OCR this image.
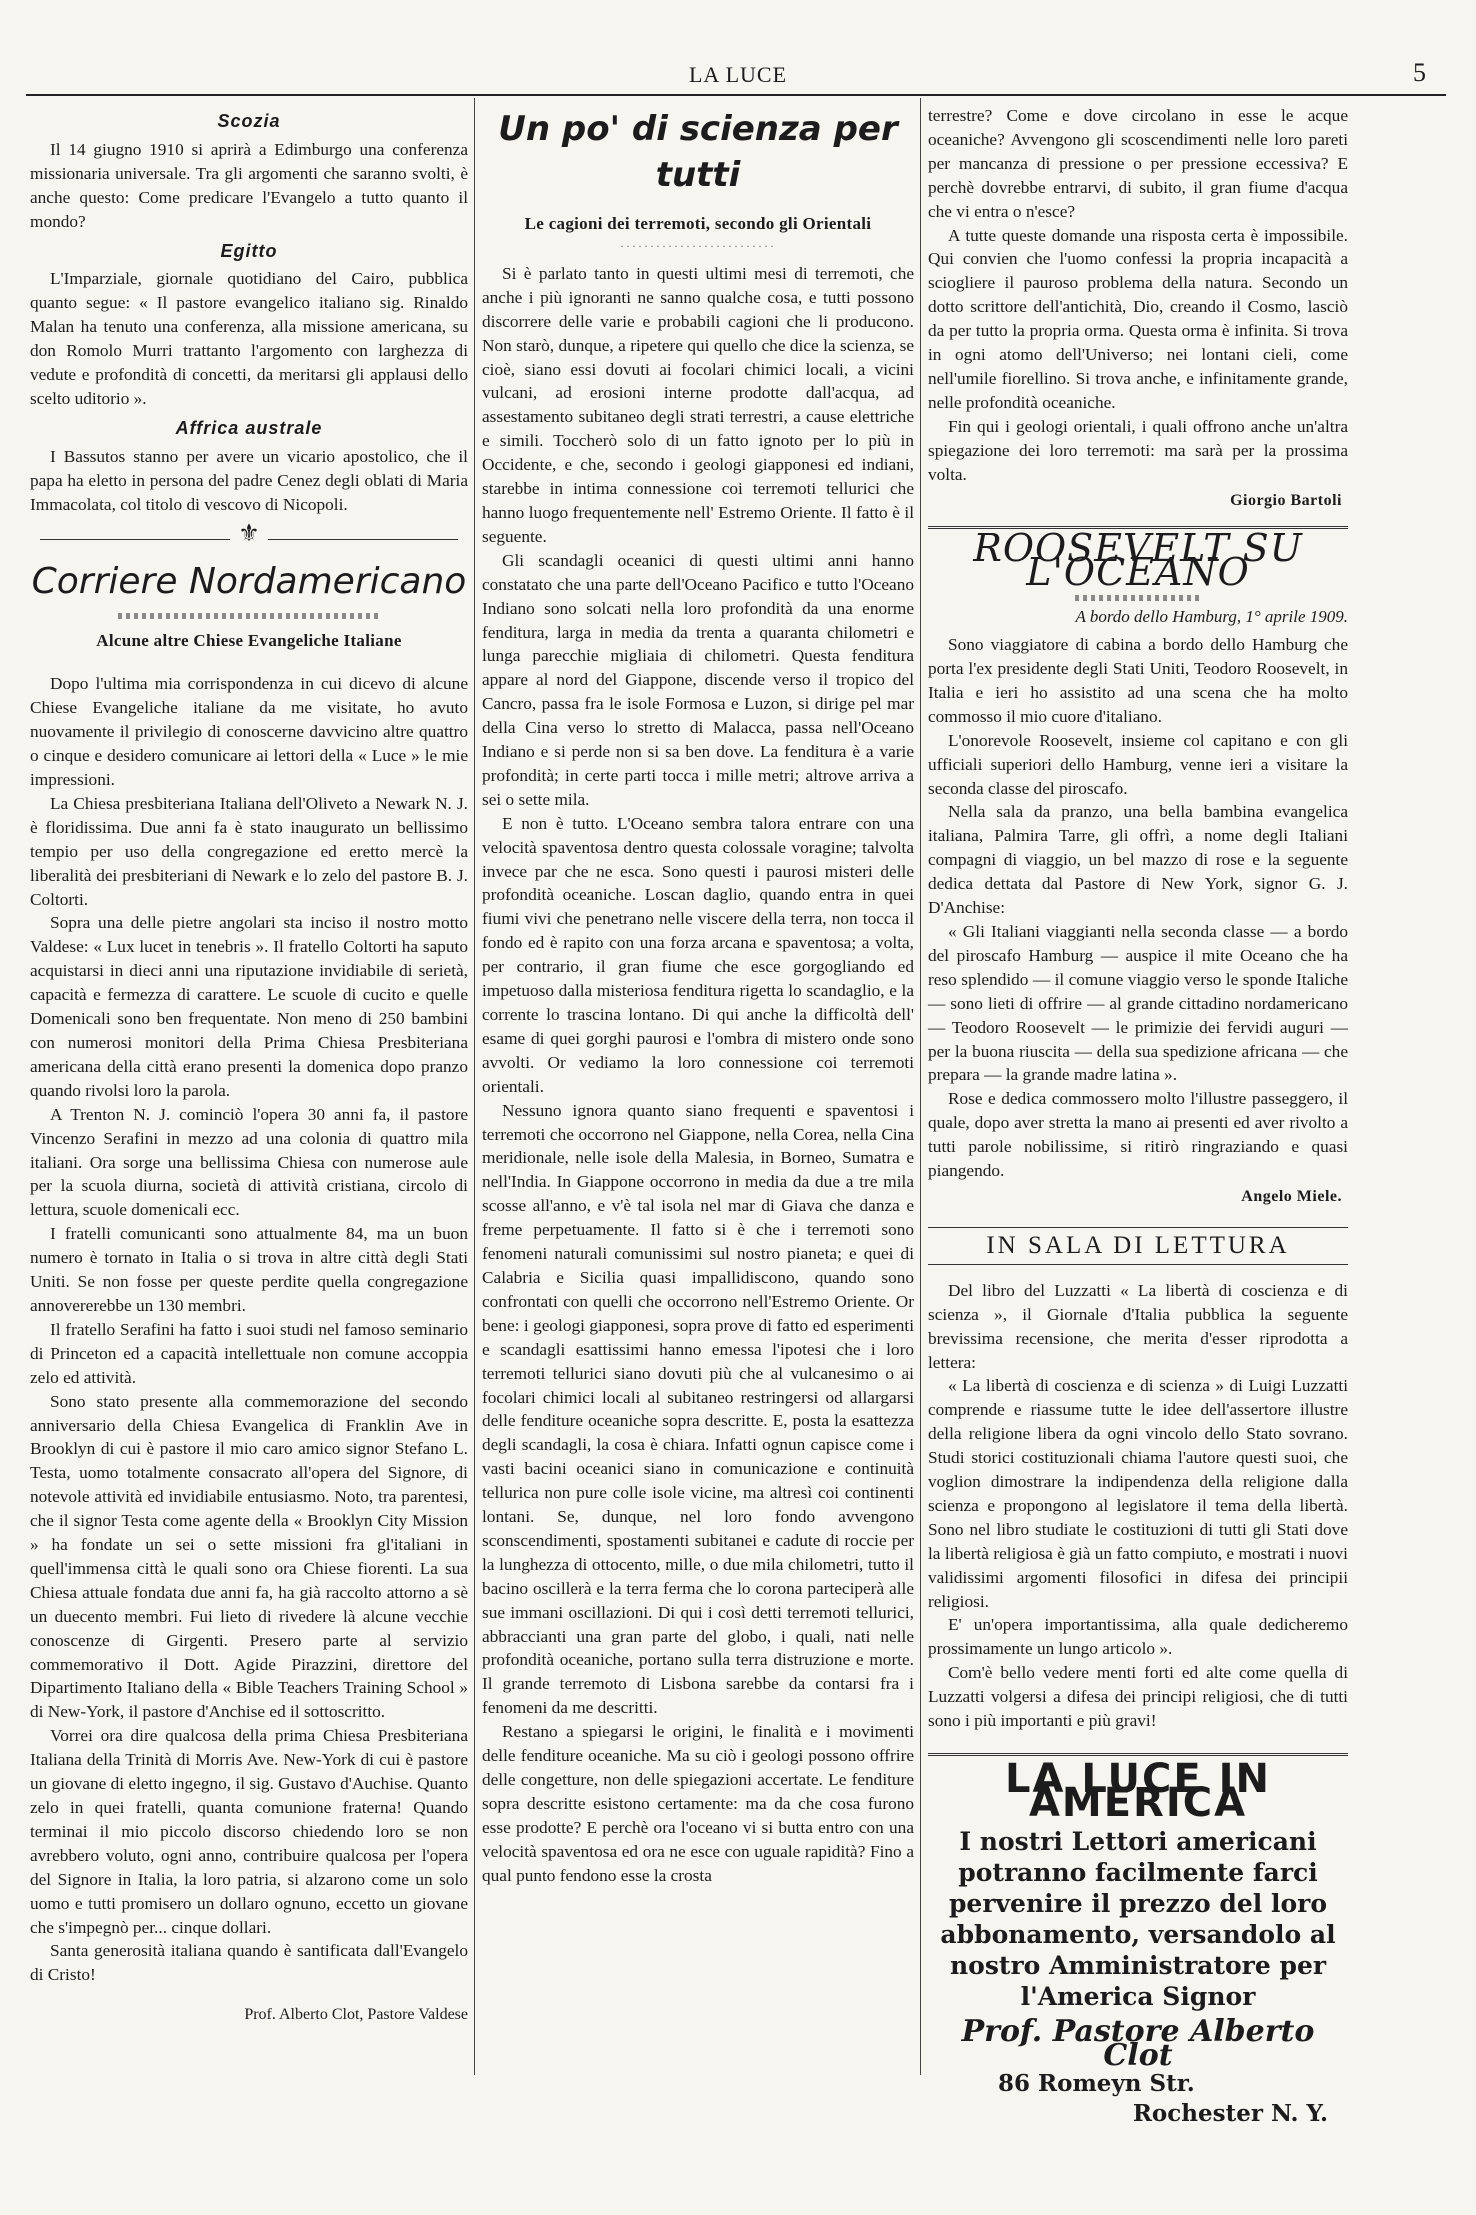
LA LUCE	5
Scozia

Il 14 giugno 1910 si aprirà a Edimburgo una conferenza missionaria universale. Tra gli argomenti che saranno svolti, è anche questo: Come predicare l'Evangelo a tutto quanto il mondo?

Egitto

L'Imparziale, giornale quotidiano del Cairo, pubblica quanto segue: « Il pastore evangelico italiano sig. Rinaldo Malan ha tenuto una conferenza, alla missione americana, su don Romolo Murri trattanto l'argomento con larghezza di vedute e profondità di concetti, da meritarsi gli applausi dello scelto uditorio ».

Affrica australe

I Bassutos stanno per avere un vicario apostolico, che il papa ha eletto in persona del padre Cenez degli oblati di Maria Immacolata, col titolo di vescovo di Nicopoli.

⚜
Corriere Nordamericano
Alcune altre Chiese Evangeliche Italiane

Dopo l'ultima mia corrispondenza in cui dicevo di alcune Chiese Evangeliche italiane da me visitate, ho avuto nuovamente il privilegio di conoscerne davvicino altre quattro o cinque e desidero comunicare ai lettori della « Luce » le mie impressioni.

La Chiesa presbiteriana Italiana dell'Oliveto a Newark N. J. è floridissima. Due anni fa è stato inaugurato un bellissimo tempio per uso della congregazione ed eretto mercè la liberalità dei presbiteriani di Newark e lo zelo del pastore B. J. Coltorti.

Sopra una delle pietre angolari sta inciso il nostro motto Valdese: « Lux lucet in tenebris ». Il fratello Coltorti ha saputo acquistarsi in dieci anni una riputazione invidiabile di serietà, capacità e fermezza di carattere. Le scuole di cucito e quelle Domenicali sono ben frequentate. Non meno di 250 bambini con numerosi monitori della Prima Chiesa Presbiteriana americana della città erano presenti la domenica dopo pranzo quando rivolsi loro la parola.

A Trenton N. J. cominciò l'opera 30 anni fa, il pastore Vincenzo Serafini in mezzo ad una colonia di quattro mila italiani. Ora sorge una bellissima Chiesa con numerose aule per la scuola diurna, società di attività cristiana, circolo di lettura, scuole domenicali ecc.

I fratelli comunicanti sono attualmente 84, ma un buon numero è tornato in Italia o si trova in altre città degli Stati Uniti. Se non fosse per queste perdite quella congregazione annovererebbe un 130 membri.

Il fratello Serafini ha fatto i suoi studi nel famoso seminario di Princeton ed a capacità intellettuale non comune accoppia zelo ed attività.

Sono stato presente alla commemorazione del secondo anniversario della Chiesa Evangelica di Franklin Ave in Brooklyn di cui è pastore il mio caro amico signor Stefano L. Testa, uomo totalmente consacrato all'opera del Signore, di notevole attività ed invidiabile entusiasmo. Noto, tra parentesi, che il signor Testa come agente della « Brooklyn City Mission » ha fondate un sei o sette missioni fra gl'italiani in quell'immensa città le quali sono ora Chiese fiorenti. La sua Chiesa attuale fondata due anni fa, ha già raccolto attorno a sè un duecento membri. Fui lieto di rivedere là alcune vecchie conoscenze di Girgenti. Presero parte al servizio commemorativo il Dott. Agide Pirazzini, direttore del Dipartimento Italiano della « Bible Teachers Training School » di New-York, il pastore d'Anchise ed il sottoscritto.

Vorrei ora dire qualcosa della prima Chiesa Presbiteriana Italiana della Trinità di Morris Ave. New-York di cui è pastore un giovane di eletto ingegno, il sig. Gustavo d'Auchise. Quanto zelo in quei fratelli, quanta comunione fraterna! Quando terminai il mio piccolo discorso chiedendo loro se non avrebbero voluto, ogni anno, contribuire qualcosa per l'opera del Signore in Italia, la loro patria, si alzarono come un solo uomo e tutti promisero un dollaro ognuno, eccetto un giovane che s'impegnò per... cinque dollari.

Santa generosità italiana quando è santificata dall'Evangelo di Cristo!

Prof. Alberto Clot, Pastore Valdese
Un po' di scienza per tutti
Le cagioni dei terremoti, secondo gli Orientali
··························

Si è parlato tanto in questi ultimi mesi di terremoti, che anche i più ignoranti ne sanno qualche cosa, e tutti possono discorrere delle varie e probabili cagioni che li producono. Non starò, dunque, a ripetere qui quello che dice la scienza, se cioè, siano essi dovuti ai focolari chimici locali, a vicini vulcani, ad erosioni interne prodotte dall'acqua, ad assestamento subitaneo degli strati terrestri, a cause elettriche e simili. Toccherò solo di un fatto ignoto per lo più in Occidente, e che, secondo i geologi giapponesi ed indiani, starebbe in intima connessione coi terremoti tellurici che hanno luogo frequentemente nell' Estremo Oriente. Il fatto è il seguente.

Gli scandagli oceanici di questi ultimi anni hanno constatato che una parte dell'Oceano Pacifico e tutto l'Oceano Indiano sono solcati nella loro profondità da una enorme fenditura, larga in media da trenta a quaranta chilometri e lunga parecchie migliaia di chilometri. Questa fenditura appare al nord del Giappone, discende verso il tropico del Cancro, passa fra le isole Formosa e Luzon, si dirige pel mar della Cina verso lo stretto di Malacca, passa nell'Oceano Indiano e si perde non si sa ben dove. La fenditura è a varie profondità; in certe parti tocca i mille metri; altrove arriva a sei o sette mila.

E non è tutto. L'Oceano sembra talora entrare con una velocità spaventosa dentro questa colossale voragine; talvolta invece par che ne esca. Sono questi i paurosi misteri delle profondità oceaniche. Loscan daglio, quando entra in quei fiumi vivi che penetrano nelle viscere della terra, non tocca il fondo ed è rapito con una forza arcana e spaventosa; a volta, per contrario, il gran fiume che esce gorgogliando ed impetuoso dalla misteriosa fenditura rigetta lo scandaglio, e la corrente lo trascina lontano. Di qui anche la difficoltà dell' esame di quei gorghi paurosi e l'ombra di mistero onde sono avvolti. Or vediamo la loro connessione coi terremoti orientali.

Nessuno ignora quanto siano frequenti e spaventosi i terremoti che occorrono nel Giappone, nella Corea, nella Cina meridionale, nelle isole della Malesia, in Borneo, Sumatra e nell'India. In Giappone occorrono in media da due a tre mila scosse all'anno, e v'è tal isola nel mar di Giava che danza e freme perpetuamente. Il fatto si è che i terremoti sono fenomeni naturali comunissimi sul nostro pianeta; e quei di Calabria e Sicilia quasi impallidiscono, quando sono confrontati con quelli che occorrono nell'Estremo Oriente. Or bene: i geologi giapponesi, sopra prove di fatto ed esperimenti e scandagli esattissimi hanno emessa l'ipotesi che i loro terremoti tellurici siano dovuti più che al vulcanesimo o ai focolari chimici locali al subitaneo restringersi od allargarsi delle fenditure oceaniche sopra descritte. E, posta la esattezza degli scandagli, la cosa è chiara. Infatti ognun capisce come i vasti bacini oceanici siano in comunicazione e continuità tellurica non pure colle isole vicine, ma altresì coi continenti lontani. Se, dunque, nel loro fondo avvengono sconscendimenti, spostamenti subitanei e cadute di roccie per la lunghezza di ottocento, mille, o due mila chilometri, tutto il bacino oscillerà e la terra ferma che lo corona parteciperà alle sue immani oscillazioni. Di qui i così detti terremoti tellurici, abbraccianti una gran parte del globo, i quali, nati nelle profondità oceaniche, portano sulla terra distruzione e morte. Il grande terremoto di Lisbona sarebbe da contarsi fra i fenomeni da me descritti.

Restano a spiegarsi le origini, le finalità e i movimenti delle fenditure oceaniche. Ma su ciò i geologi possono offrire delle congetture, non delle spiegazioni accertate. Le fenditure sopra descritte esistono certamente: ma da che cosa furono esse prodotte? E perchè ora l'oceano vi si butta entro con una velocità spaventosa ed ora ne esce con uguale rapidità? Fino a qual punto fendono esse la crosta

terrestre? Come e dove circolano in esse le acque oceaniche? Avvengono gli scoscendimenti nelle loro pareti per mancanza di pressione o per pressione eccessiva? E perchè dovrebbe entrarvi, di subito, il gran fiume d'acqua che vi entra o n'esce?

A tutte queste domande una risposta certa è impossibile. Qui convien che l'uomo confessi la propria incapacità a sciogliere il pauroso problema della natura. Secondo un dotto scrittore dell'antichità, Dio, creando il Cosmo, lasciò da per tutto la propria orma. Questa orma è infinita. Si trova in ogni atomo dell'Universo; nei lontani cieli, come nell'umile fiorellino. Si trova anche, e infinitamente grande, nelle profondità oceaniche.

Fin qui i geologi orientali, i quali offrono anche un'altra spiegazione dei loro terremoti: ma sarà per la prossima volta.

Giorgio Bartoli
ROOSEVELT SU L'OCEANO
A bordo dello Hamburg, 1° aprile 1909.

Sono viaggiatore di cabina a bordo dello Hamburg che porta l'ex presidente degli Stati Uniti, Teodoro Roosevelt, in Italia e ieri ho assistito ad una scena che ha molto commosso il mio cuore d'italiano.

L'onorevole Roosevelt, insieme col capitano e con gli ufficiali superiori dello Hamburg, venne ieri a visitare la seconda classe del piroscafo.

Nella sala da pranzo, una bella bambina evangelica italiana, Palmira Tarre, gli offrì, a nome degli Italiani compagni di viaggio, un bel mazzo di rose e la seguente dedica dettata dal Pastore di New York, signor G. J. D'Anchise:

« Gli Italiani viaggianti nella seconda classe — a bordo del piroscafo Hamburg — auspice il mite Oceano che ha reso splendido — il comune viaggio verso le sponde Italiche — sono lieti di offrire — al grande cittadino nordamericano — Teodoro Roosevelt — le primizie dei fervidi auguri — per la buona riuscita — della sua spedizione africana — che prepara — la grande madre latina ».

Rose e dedica commossero molto l'illustre passeggero, il quale, dopo aver stretta la mano ai presenti ed aver rivolto a tutti parole nobilissime, si ritirò ringraziando e quasi piangendo.

Angelo Miele.
IN SALA DI LETTURA

Del libro del Luzzatti « La libertà di coscienza e di scienza », il Giornale d'Italia pubblica la seguente brevissima recensione, che merita d'esser riprodotta a lettera:

« La libertà di coscienza e di scienza » di Luigi Luzzatti comprende e riassume tutte le idee dell'assertore illustre della religione libera da ogni vincolo dello Stato sovrano. Studi storici costituzionali chiama l'autore questi suoi, che voglion dimostrare la indipendenza della religione dalla scienza e propongono al legislatore il tema della libertà. Sono nel libro studiate le costituzioni di tutti gli Stati dove la libertà religiosa è già un fatto compiuto, e mostrati i nuovi validissimi argomenti filosofici in difesa dei principii religiosi.

E' un'opera importantissima, alla quale dedicheremo prossimamente un lungo articolo ».

Com'è bello vedere menti forti ed alte come quella di Luzzatti volgersi a difesa dei principi religiosi, che di tutti sono i più importanti e più gravi!

LA LUCE IN AMERICA
I nostri Lettori americani potranno facilmente farci pervenire il prezzo del loro abbonamento, versandolo al nostro Amministratore per l'America Signor
Prof. Pastore Alberto Clot
86 Romeyn Str.
Rochester N. Y.
